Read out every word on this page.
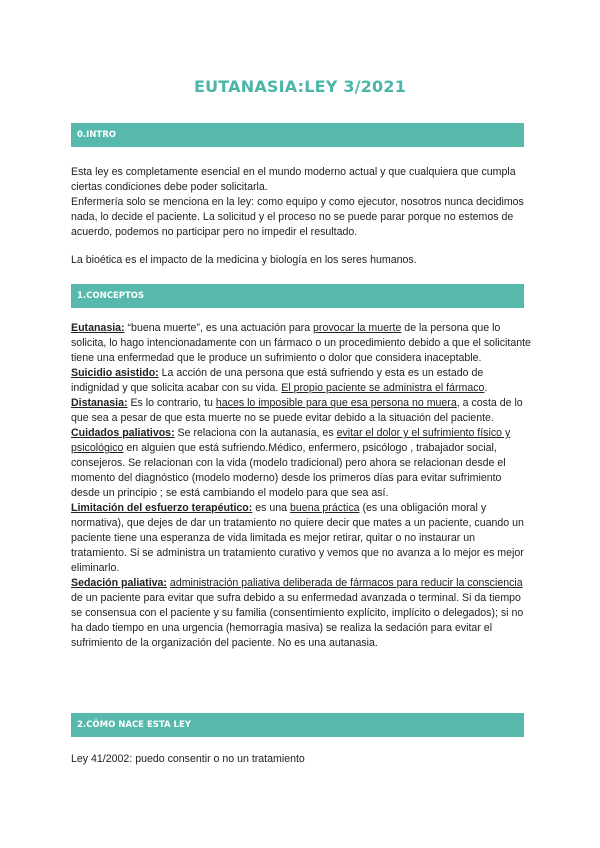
EUTANASIA:LEY 3/2021
0.INTRO
Esta ley es completamente esencial en el mundo moderno actual y que cualquiera que cumpla ciertas condiciones debe poder solicitarla.
Enfermería solo se menciona en la ley: como equipo y como ejecutor, nosotros nunca decidimos nada, lo decide el paciente. La solicitud y el proceso no se puede parar porque no estemos de acuerdo, podemos no participar pero no impedir el resultado.
La bioética es el impacto de la medicina y biología en los seres humanos.
1.CONCEPTOS
Eutanasia: “buena muerte”, es una actuación para provocar la muerte de la persona que lo solicita, lo hago intencionadamente con un fármaco o un procedimiento debido a que el solicitante tiene una enfermedad que le produce un sufrimiento o dolor que considera inaceptable.
Suicidio asistido: La acción de una persona que está sufriendo y esta es un estado de indignidad y que solicita acabar con su vida. El propio paciente se administra el fármaco.
Distanasia: Es lo contrario, tu haces lo imposible para que esa persona no muera, a costa de lo que sea a pesar de que esta muerte no se puede evitar debido a la situación del paciente.
Cuidados paliativos: Se relaciona con la autanasia, es evitar el dolor y el sufrimiento físico y psicológico en alguien que está sufriendo.Médico, enfermero, psicólogo , trabajador social, consejeros. Se relacionan con la vida (modelo tradicional) pero ahora se relacionan desde el momento del diagnóstico (modelo moderno) desde los primeros días para evitar sufrimiento desde un principio ; se está cambiando el modelo para que sea así.
Limitación del esfuerzo terapéutico: es una buena práctica (es una obligación moral y normativa), que dejes de dar un tratamiento no quiere decir que mates a un paciente, cuando un paciente tiene una esperanza de vida limitada es mejor retirar, quitar o no instaurar un tratamiento. Si se administra un tratamiento curativo y vemos que no avanza a lo mejor es mejor eliminarlo.
Sedación paliativa: administración paliativa deliberada de fármacos para reducir la consciencia de un paciente para evitar que sufra debido a su enfermedad avanzada o terminal. Si da tiempo se consensua con el paciente y su familia (consentimiento explícito, implícito o delegados); si no ha dado tiempo en una urgencia (hemorragia masiva) se realiza la sedación para evitar el sufrimiento de la organización del paciente. No es una autanasia.
2.CÓMO NACE ESTA LEY
Ley 41/2002: puedo consentir o no un tratamiento
